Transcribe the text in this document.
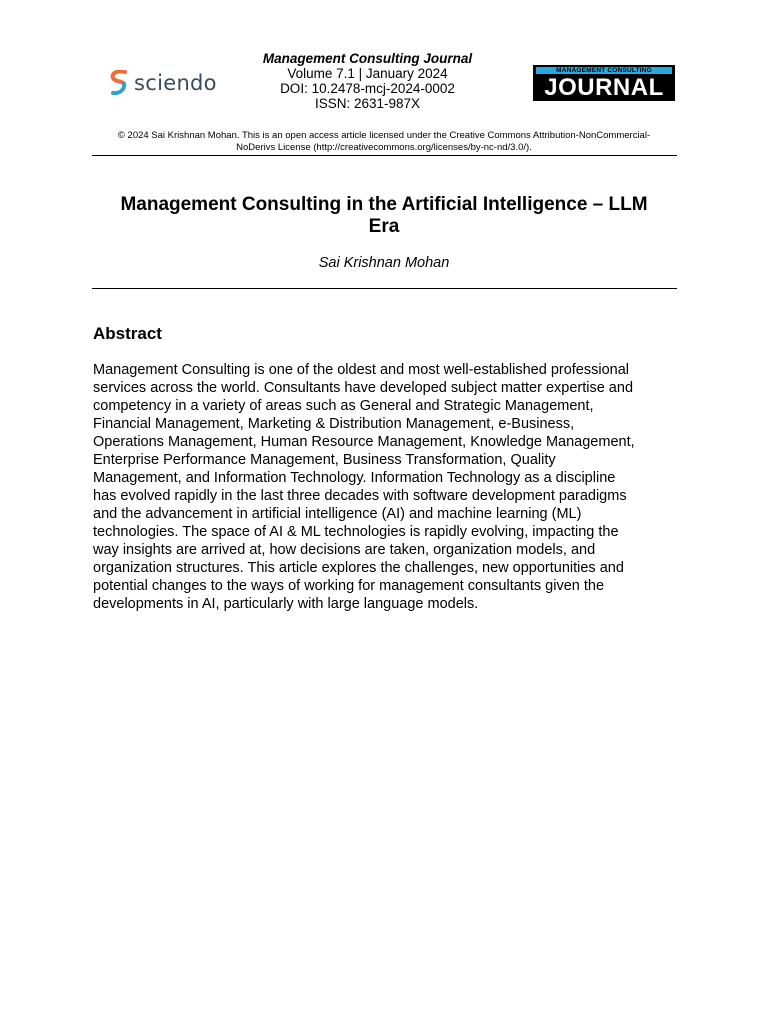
Management Consulting Journal
Volume 7.1 | January 2024
DOI: 10.2478-mcj-2024-0002
ISSN: 2631-987X
sciendo
MANAGEMENT CONSULTING
JOURNAL
© 2024 Sai Krishnan Mohan. This is an open access article licensed under the Creative Commons Attribution-NonCommercial-
NoDerivs License (http://creativecommons.org/licenses/by-nc-nd/3.0/).
Management Consulting in the Artificial Intelligence – LLM
Era
Sai Krishnan Mohan
Abstract
Management Consulting is one of the oldest and most well-established professional
services across the world. Consultants have developed subject matter expertise and
competency in a variety of areas such as General and Strategic Management,
Financial Management, Marketing & Distribution Management, e-Business,
Operations Management, Human Resource Management, Knowledge Management,
Enterprise Performance Management, Business Transformation, Quality
Management, and Information Technology. Information Technology as a discipline
has evolved rapidly in the last three decades with software development paradigms
and the advancement in artificial intelligence (AI) and machine learning (ML)
technologies. The space of AI & ML technologies is rapidly evolving, impacting the
way insights are arrived at, how decisions are taken, organization models, and
organization structures. This article explores the challenges, new opportunities and
potential changes to the ways of working for management consultants given the
developments in AI, particularly with large language models.
